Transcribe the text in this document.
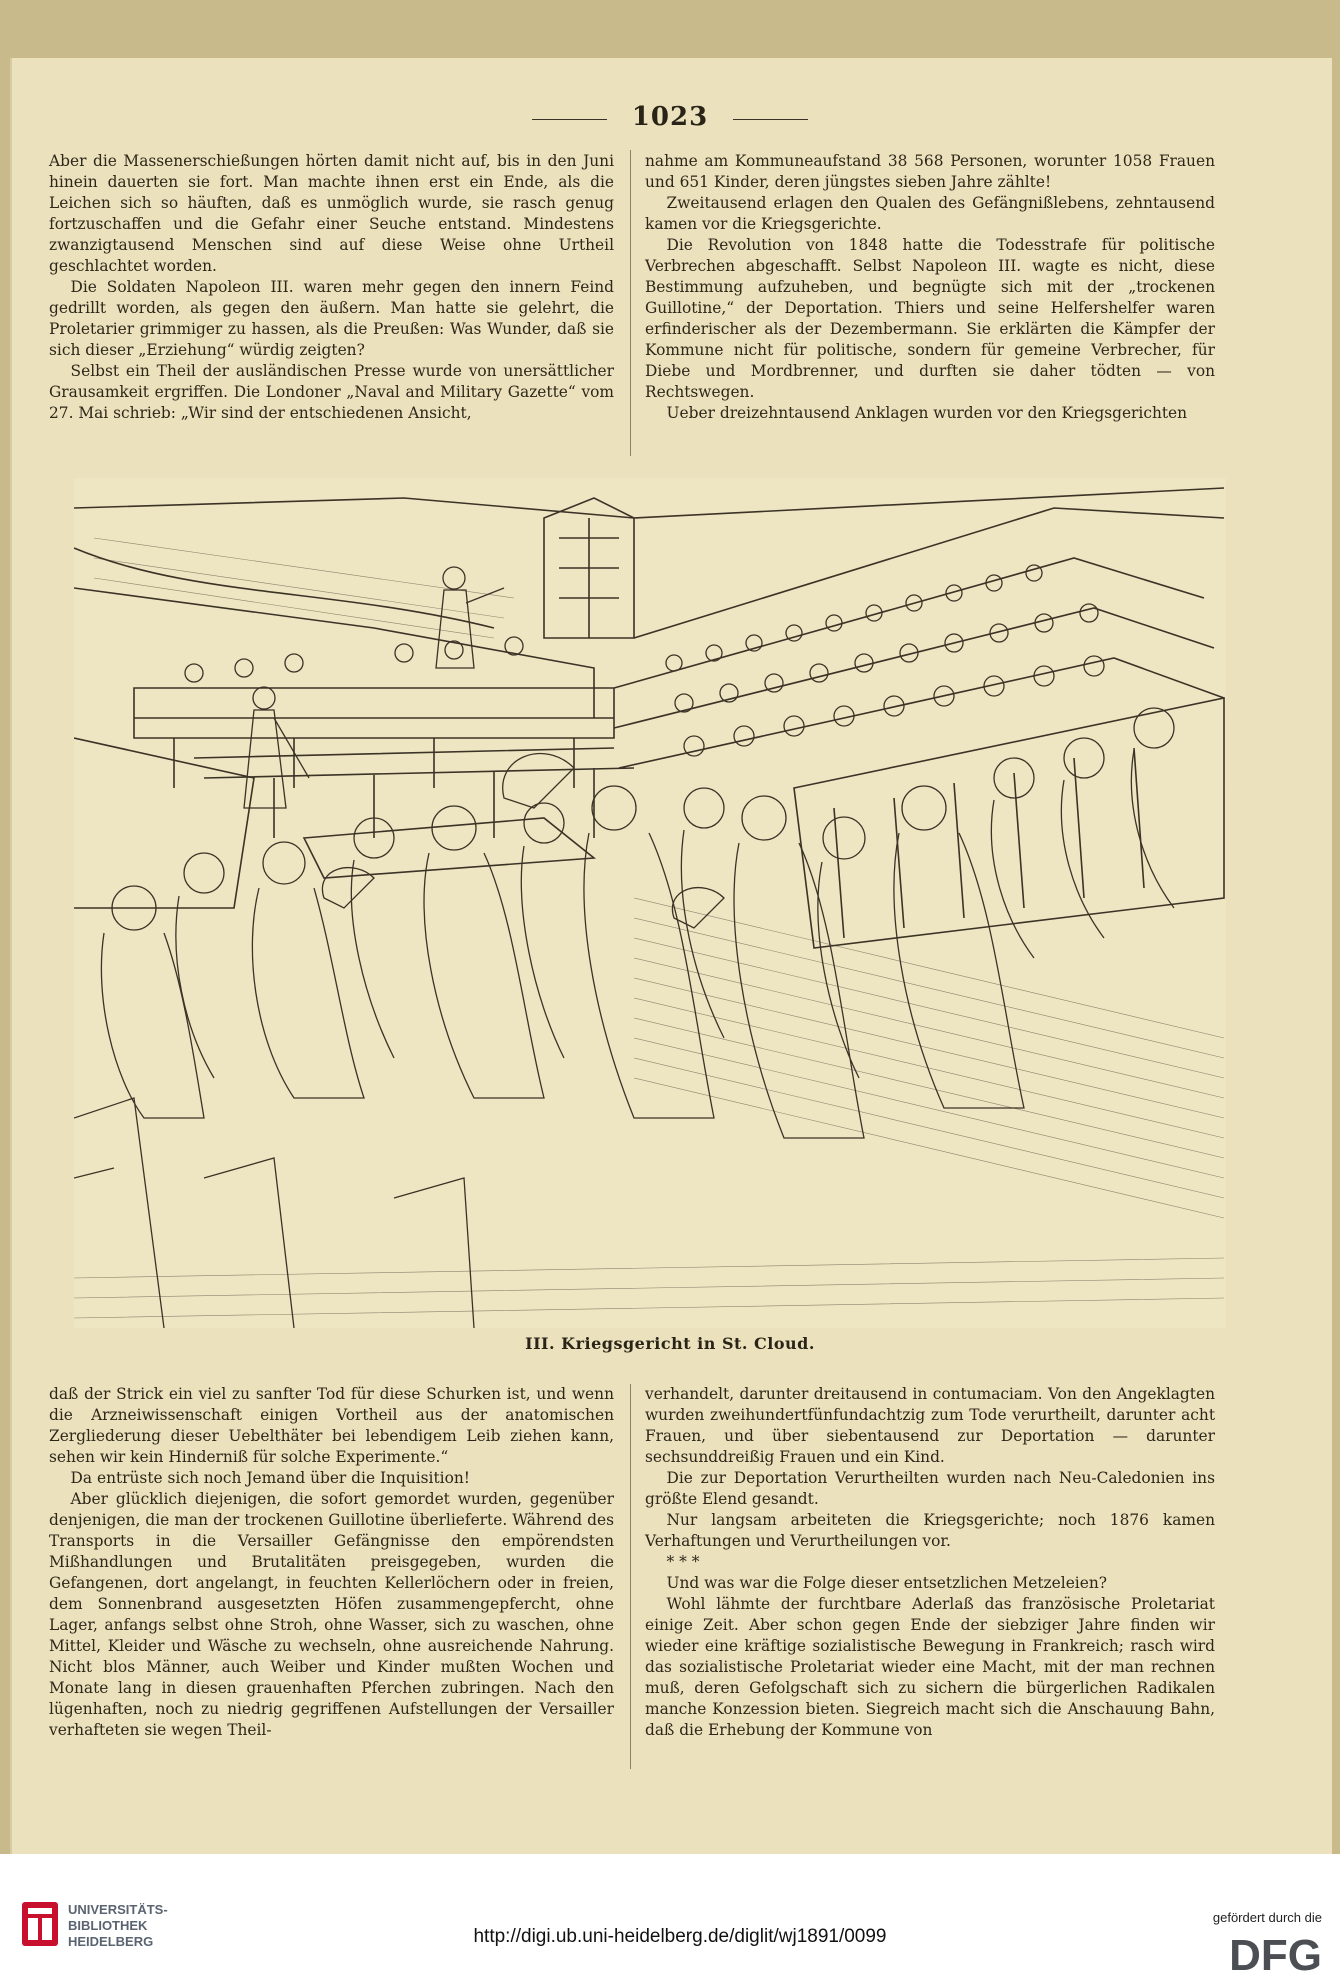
1023

Aber die Massenerschießungen hörten damit nicht auf, bis in den Juni hinein dauerten sie fort. Man machte ihnen erst ein Ende, als die Leichen sich so häuften, daß es unmöglich wurde, sie rasch genug fortzuschaffen und die Gefahr einer Seuche entstand. Mindestens zwanzigtausend Menschen sind auf diese Weise ohne Urtheil geschlachtet worden.

Die Soldaten Napoleon III. waren mehr gegen den innern Feind gedrillt worden, als gegen den äußern. Man hatte sie gelehrt, die Proletarier grimmiger zu hassen, als die Preußen: Was Wunder, daß sie sich dieser „Erziehung“ würdig zeigten?

Selbst ein Theil der ausländischen Presse wurde von unersättlicher Grausamkeit ergriffen. Die Londoner „Naval and Military Gazette“ vom 27. Mai schrieb: „Wir sind der entschiedenen Ansicht,

nahme am Kommuneaufstand 38 568 Personen, worunter 1058 Frauen und 651 Kinder, deren jüngstes sieben Jahre zählte!

Zweitausend erlagen den Qualen des Gefängnißlebens, zehntausend kamen vor die Kriegsgerichte.

Die Revolution von 1848 hatte die Todesstrafe für politische Verbrechen abgeschafft. Selbst Napoleon III. wagte es nicht, diese Bestimmung aufzuheben, und begnügte sich mit der „trockenen Guillotine,“ der Deportation. Thiers und seine Helfershelfer waren erfinderischer als der Dezembermann. Sie erklärten die Kämpfer der Kommune nicht für politische, sondern für gemeine Verbrecher, für Diebe und Mordbrenner, und durften sie daher tödten — von Rechtswegen.

Ueber dreizehntausend Anklagen wurden vor den Kriegsgerichten

III. Kriegsgericht in St. Cloud.

daß der Strick ein viel zu sanfter Tod für diese Schurken ist, und wenn die Arzneiwissenschaft einigen Vortheil aus der anatomischen Zergliederung dieser Uebelthäter bei lebendigem Leib ziehen kann, sehen wir kein Hinderniß für solche Experimente.“

Da entrüste sich noch Jemand über die Inquisition!

Aber glücklich diejenigen, die sofort gemordet wurden, gegenüber denjenigen, die man der trockenen Guillotine überlieferte. Während des Transports in die Versailler Gefängnisse den empörendsten Mißhandlungen und Brutalitäten preisgegeben, wurden die Gefangenen, dort angelangt, in feuchten Kellerlöchern oder in freien, dem Sonnenbrand ausgesetzten Höfen zusammengepfercht, ohne Lager, anfangs selbst ohne Stroh, ohne Wasser, sich zu waschen, ohne Mittel, Kleider und Wäsche zu wechseln, ohne ausreichende Nahrung. Nicht blos Männer, auch Weiber und Kinder mußten Wochen und Monate lang in diesen grauenhaften Pferchen zubringen. Nach den lügenhaften, noch zu niedrig gegriffenen Aufstellungen der Versailler verhafteten sie wegen Theil-

verhandelt, darunter dreitausend in contumaciam. Von den Angeklagten wurden zweihundertfünfundachtzig zum Tode verurtheilt, darunter acht Frauen, und über siebentausend zur Deportation — darunter sechsunddreißig Frauen und ein Kind.

Die zur Deportation Verurtheilten wurden nach Neu-Caledonien ins größte Elend gesandt.

Nur langsam arbeiteten die Kriegsgerichte; noch 1876 kamen Verhaftungen und Verurtheilungen vor.

* * *

Und was war die Folge dieser entsetzlichen Metzeleien?

Wohl lähmte der furchtbare Aderlaß das französische Proletariat einige Zeit. Aber schon gegen Ende der siebziger Jahre finden wir wieder eine kräftige sozialistische Bewegung in Frankreich; rasch wird das sozialistische Proletariat wieder eine Macht, mit der man rechnen muß, deren Gefolgschaft sich zu sichern die bürgerlichen Radikalen manche Konzession bieten. Siegreich macht sich die Anschauung Bahn, daß die Erhebung der Kommune von

UNIVERSITÄTS-
BIBLIOTHEK
HEIDELBERG	http://digi.ub.uni-heidelberg.de/diglit/wj1891/0099
gefördert durch die
DFG
